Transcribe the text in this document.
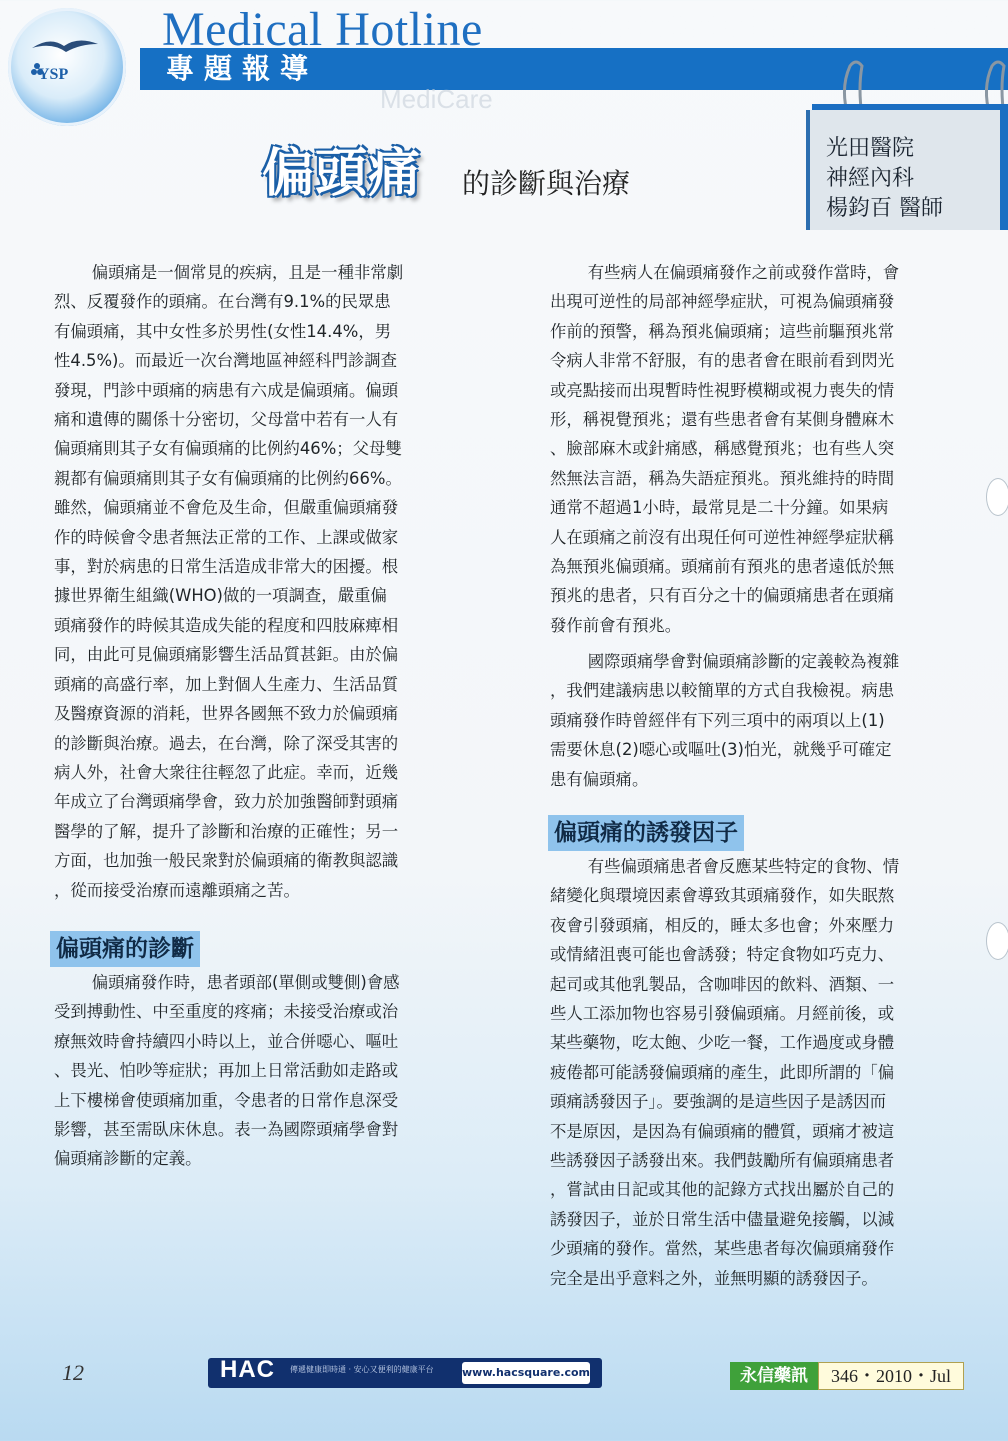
YSP
Medical Hotline
專題報導
MediCare
光田醫院
神經內科
楊鈞百 醫師
偏頭痛 的診斷與治療
偏頭痛是一個常見的疾病，且是一種非常劇
烈、反覆發作的頭痛。在台灣有9.1%的民眾患
有偏頭痛，其中女性多於男性(女性14.4%，男
性4.5%)。而最近一次台灣地區神經科門診調查
發現，門診中頭痛的病患有六成是偏頭痛。偏頭
痛和遺傳的關係十分密切，父母當中若有一人有
偏頭痛則其子女有偏頭痛的比例約46%；父母雙
親都有偏頭痛則其子女有偏頭痛的比例約66%。
雖然，偏頭痛並不會危及生命，但嚴重偏頭痛發
作的時候會令患者無法正常的工作、上課或做家
事，對於病患的日常生活造成非常大的困擾。根
據世界衛生組織(WHO)做的一項調查，嚴重偏
頭痛發作的時候其造成失能的程度和四肢麻痺相
同，由此可見偏頭痛影響生活品質甚鉅。由於偏
頭痛的高盛行率，加上對個人生產力、生活品質
及醫療資源的消耗，世界各國無不致力於偏頭痛
的診斷與治療。過去，在台灣，除了深受其害的
病人外，社會大衆往往輕忽了此症。幸而，近幾
年成立了台灣頭痛學會，致力於加強醫師對頭痛
醫學的了解，提升了診斷和治療的正確性；另一
方面，也加強一般民衆對於偏頭痛的衛教與認識
，從而接受治療而遠離頭痛之苦。
偏頭痛的診斷
偏頭痛發作時，患者頭部(單側或雙側)會感
受到搏動性、中至重度的疼痛；未接受治療或治
療無效時會持續四小時以上，並合併噁心、嘔吐
、畏光、怕吵等症狀；再加上日常活動如走路或
上下樓梯會使頭痛加重，令患者的日常作息深受
影響，甚至需臥床休息。表一為國際頭痛學會對
偏頭痛診斷的定義。
有些病人在偏頭痛發作之前或發作當時，會
出現可逆性的局部神經學症狀，可視為偏頭痛發
作前的預警，稱為預兆偏頭痛；這些前驅預兆常
令病人非常不舒服，有的患者會在眼前看到閃光
或亮點接而出現暫時性視野模糊或視力喪失的情
形，稱視覺預兆；還有些患者會有某側身體麻木
、臉部麻木或針痛感，稱感覺預兆；也有些人突
然無法言語，稱為失語症預兆。預兆維持的時間
通常不超過1小時，最常見是二十分鐘。如果病
人在頭痛之前沒有出現任何可逆性神經學症狀稱
為無預兆偏頭痛。頭痛前有預兆的患者遠低於無
預兆的患者，只有百分之十的偏頭痛患者在頭痛
發作前會有預兆。
國際頭痛學會對偏頭痛診斷的定義較為複雜
，我們建議病患以較簡單的方式自我檢視。病患
頭痛發作時曾經伴有下列三項中的兩項以上(1)
需要休息(2)噁心或嘔吐(3)怕光，就幾乎可確定
患有偏頭痛。
偏頭痛的誘發因子
有些偏頭痛患者會反應某些特定的食物、情
緒變化與環境因素會導致其頭痛發作，如失眠熬
夜會引發頭痛，相反的，睡太多也會；外來壓力
或情緒沮喪可能也會誘發；特定食物如巧克力、
起司或其他乳製品，含咖啡因的飲料、酒類、一
些人工添加物也容易引發偏頭痛。月經前後，或
某些藥物，吃太飽、少吃一餐，工作過度或身體
疲倦都可能誘發偏頭痛的產生，此即所謂的「偏
頭痛誘發因子」。要強調的是這些因子是誘因而
不是原因，是因為有偏頭痛的體質，頭痛才被這
些誘發因子誘發出來。我們鼓勵所有偏頭痛患者
，嘗試由日記或其他的記錄方式找出屬於自己的
誘發因子，並於日常生活中儘量避免接觸，以減
少頭痛的發作。當然，某些患者每次偏頭痛發作
完全是出乎意料之外，並無明顯的誘發因子。
12	HAC 傳遞健康即時通 · 安心又便利的健康平台	www.hacsquare.com	永信藥訊	346・2010・Jul
